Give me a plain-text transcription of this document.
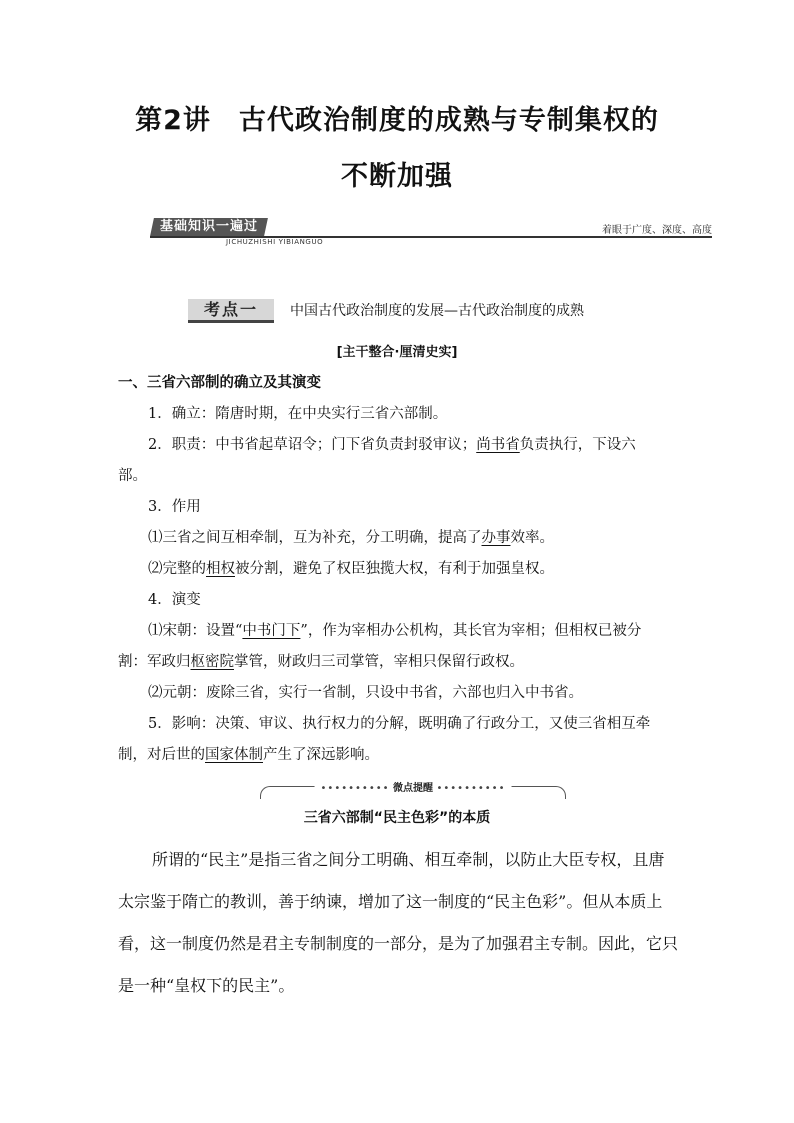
第2讲　古代政治制度的成熟与专制集权的
不断加强
基础知识一遍过
JICHUZHISHI YIBIANGUO
着眼于广度、深度、高度
考点一	中国古代政治制度的发展—古代政治制度的成熟
[主干整合·厘清史实]
一、三省六部制的确立及其演变
1．确立：隋唐时期，在中央实行三省六部制。
2．职责：中书省起草诏令；门下省负责封驳审议；尚书省负责执行，下设六部。
3．作用
⑴三省之间互相牵制，互为补充，分工明确，提高了办事效率。
⑵完整的相权被分割，避免了权臣独揽大权，有利于加强皇权。
4．演变
⑴宋朝：设置“中书门下”，作为宰相办公机构，其长官为宰相；但相权已被分割：军政归枢密院掌管，财政归三司掌管，宰相只保留行政权。
⑵元朝：废除三省，实行一省制，只设中书省，六部也归入中书省。
5．影响：决策、审议、执行权力的分解，既明确了行政分工，又使三省相互牵制，对后世的国家体制产生了深远影响。
•••••••••• 微点提醒 ••••••••••
三省六部制“民主色彩”的本质
所谓的“民主”是指三省之间分工明确、相互牵制，以防止大臣专权，且唐太宗鉴于隋亡的教训，善于纳谏，增加了这一制度的“民主色彩”。但从本质上看，这一制度仍然是君主专制制度的一部分，是为了加强君主专制。因此，它只是一种“皇权下的民主”。
